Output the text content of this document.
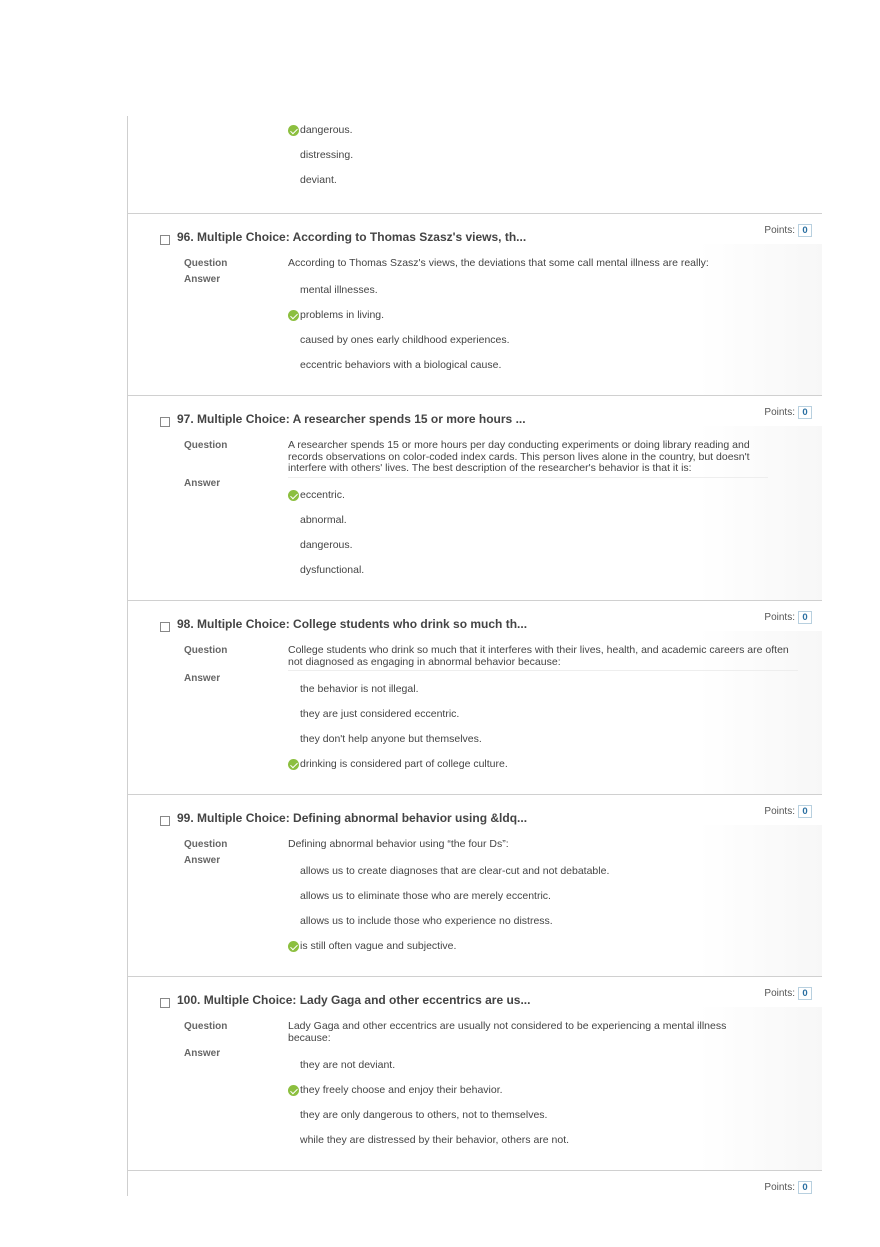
dangerous.
distressing.
deviant.
96. Multiple Choice: According to Thomas Szasz's views, th...	Points: 0
Question
Answer
According to Thomas Szasz's views, the deviations that some call mental illness are really:
mental illnesses.
problems in living.
caused by ones early childhood experiences.
eccentric behaviors with a biological cause.
97. Multiple Choice: A researcher spends 15 or more hours ...	Points: 0
Question
Answer
A researcher spends 15 or more hours per day conducting experiments or doing library reading and records observations on color-coded index cards. This person lives alone in the country, but doesn't interfere with others' lives. The best description of the researcher's behavior is that it is:
eccentric.
abnormal.
dangerous.
dysfunctional.
98. Multiple Choice: College students who drink so much th...	Points: 0
Question
Answer
College students who drink so much that it interferes with their lives, health, and academic careers are often not diagnosed as engaging in abnormal behavior because:
the behavior is not illegal.
they are just considered eccentric.
they don't help anyone but themselves.
drinking is considered part of college culture.
99. Multiple Choice: Defining abnormal behavior using &ldq...	Points: 0
Question
Answer
Defining abnormal behavior using “the four Ds”:
allows us to create diagnoses that are clear-cut and not debatable.
allows us to eliminate those who are merely eccentric.
allows us to include those who experience no distress.
is still often vague and subjective.
100. Multiple Choice: Lady Gaga and other eccentrics are us...	Points: 0
Question
Answer
Lady Gaga and other eccentrics are usually not considered to be experiencing a mental illness because:
they are not deviant.
they freely choose and enjoy their behavior.
they are only dangerous to others, not to themselves.
while they are distressed by their behavior, others are not.
Points: 0
